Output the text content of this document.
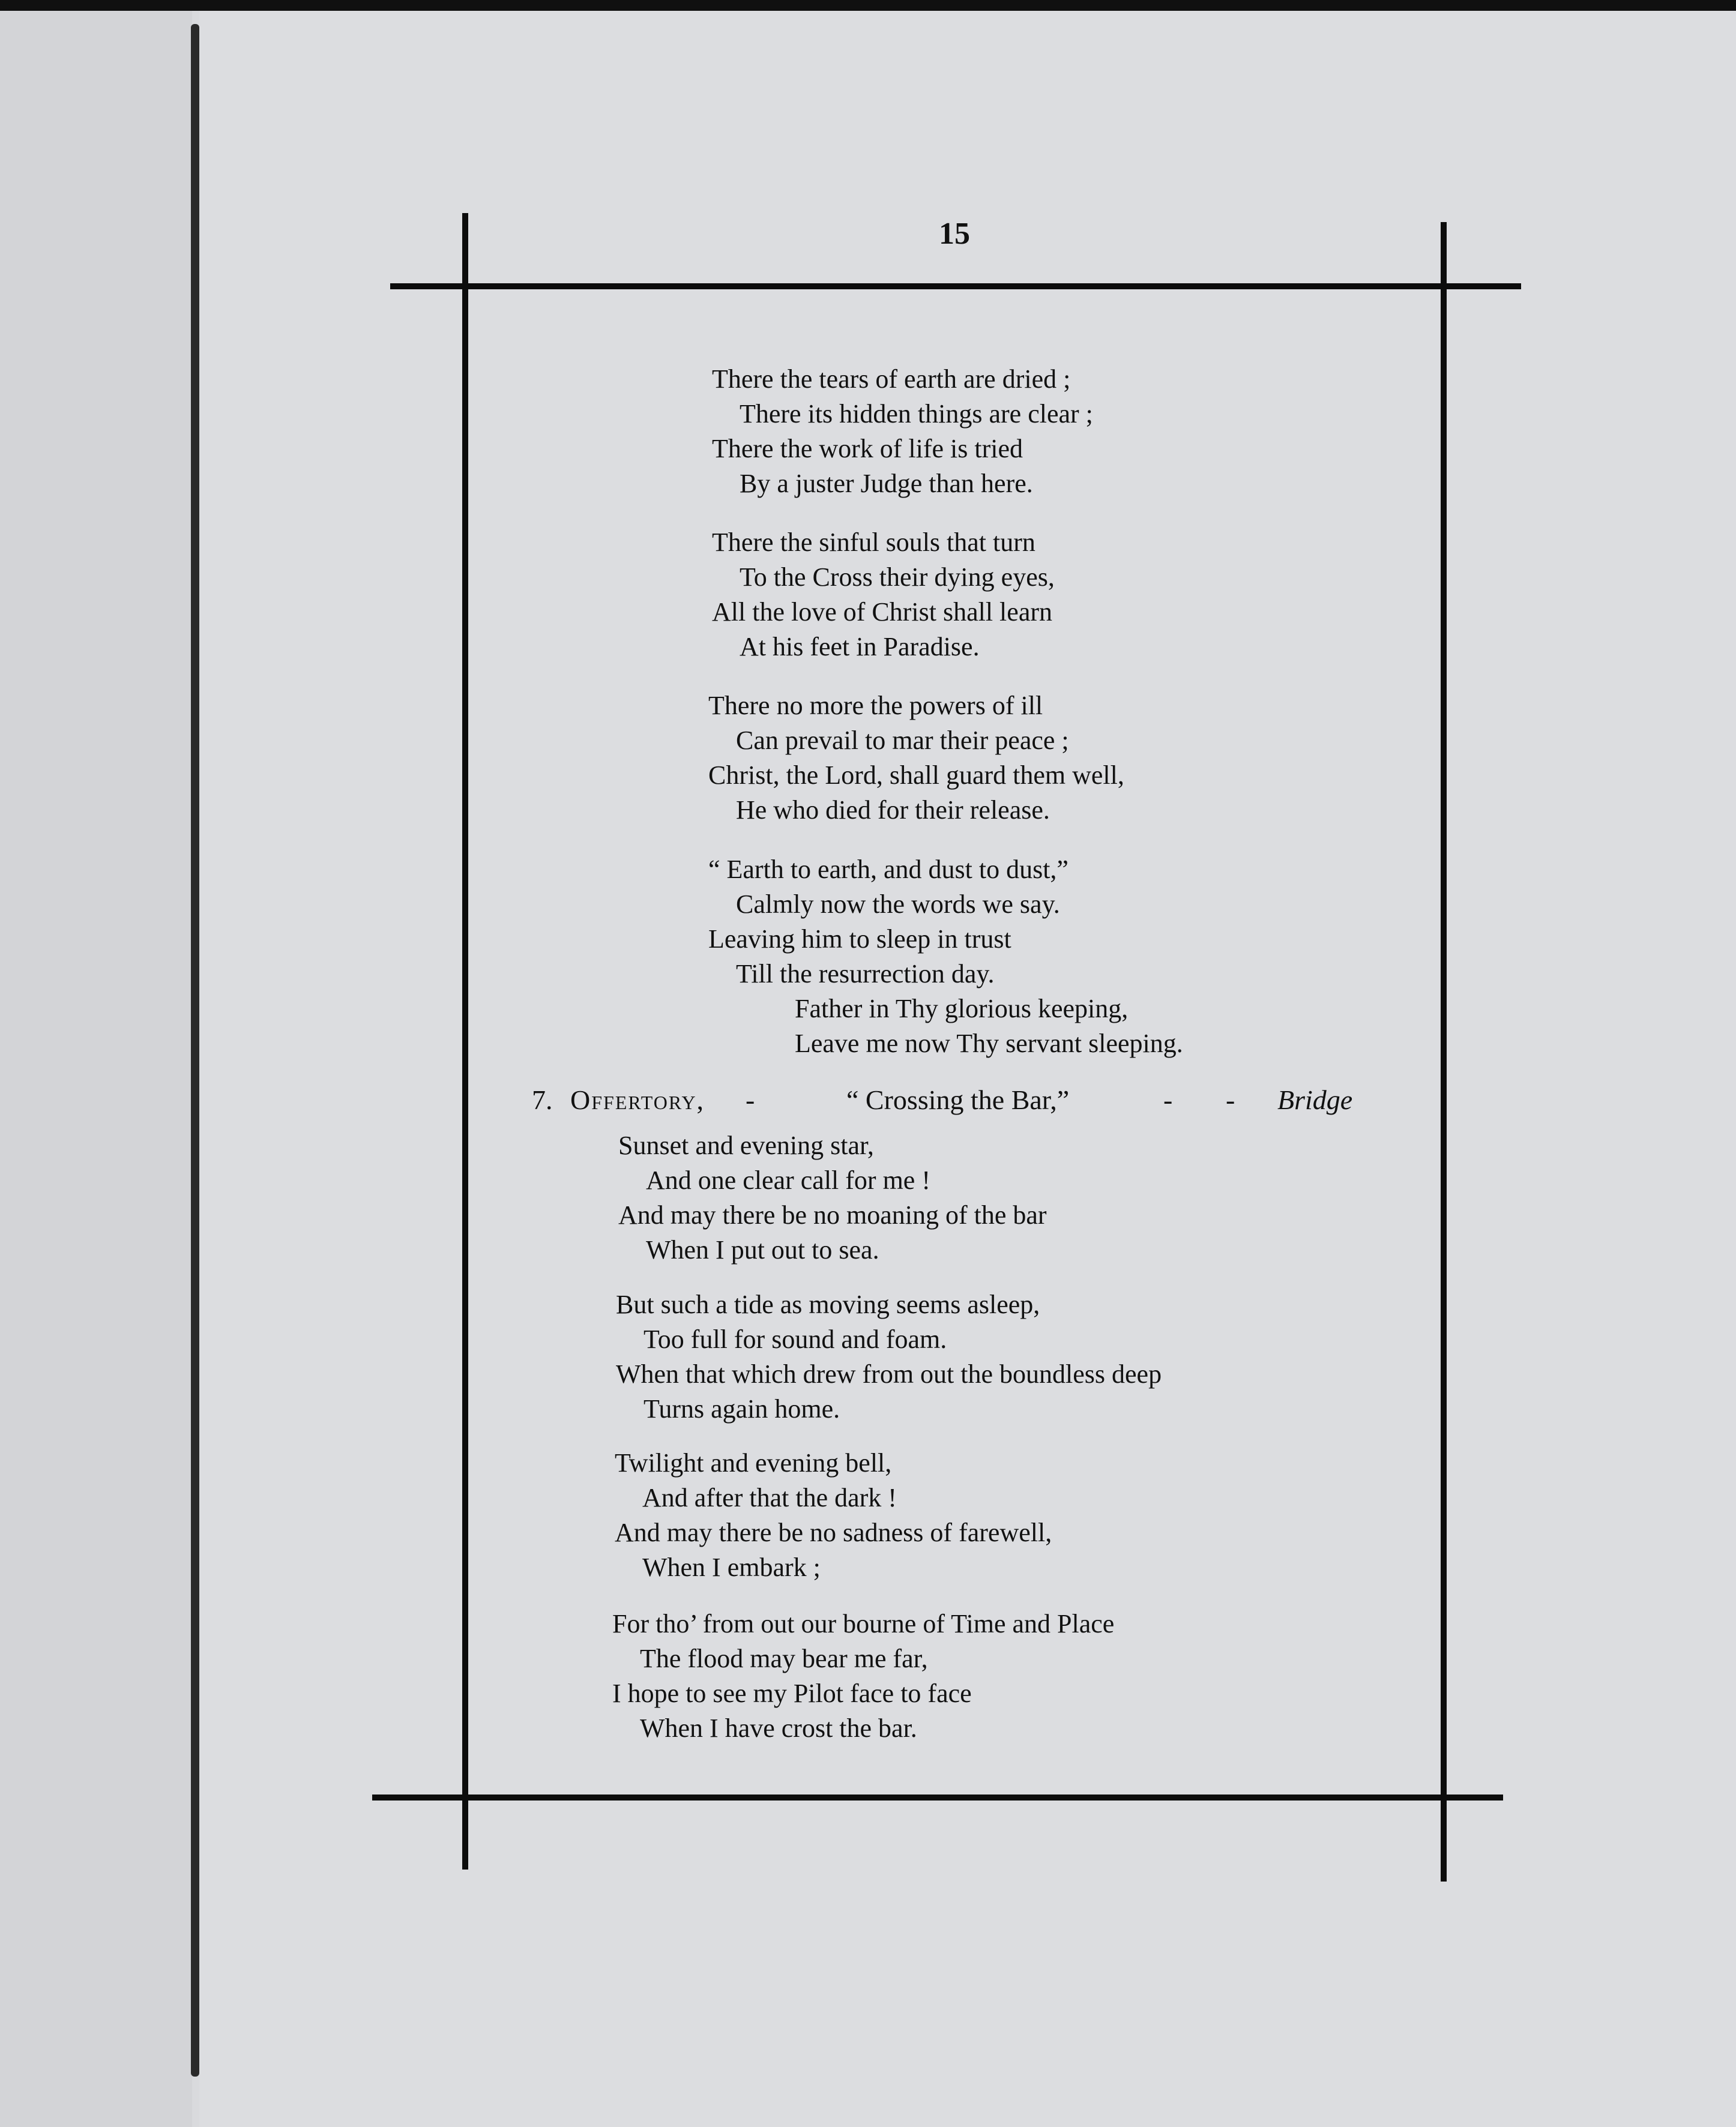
15
There the tears of earth are dried ;
There its hidden things are clear ;
There the work of life is tried
By a juster Judge than here.
There the sinful souls that turn
To the Cross their dying eyes,
All the love of Christ shall learn
At his feet in Paradise.
There no more the powers of ill
Can prevail to mar their peace ;
Christ, the Lord, shall guard them well,
He who died for their release.
“ Earth to earth, and dust to dust,”
Calmly now the words we say.
Leaving him to sleep in trust
Till the resurrection day.
Father in Thy glorious keeping,
Leave me now Thy servant sleeping.
7. Offertory, -	“ Crossing the Bar,”	- - Bridge
Sunset and evening star,
And one clear call for me !
And may there be no moaning of the bar
When I put out to sea.
But such a tide as moving seems asleep,
Too full for sound and foam.
When that which drew from out the boundless deep
Turns again home.
Twilight and evening bell,
And after that the dark !
And may there be no sadness of farewell,
When I embark ;
For tho’ from out our bourne of Time and Place
The flood may bear me far,
I hope to see my Pilot face to face
When I have crost the bar.
